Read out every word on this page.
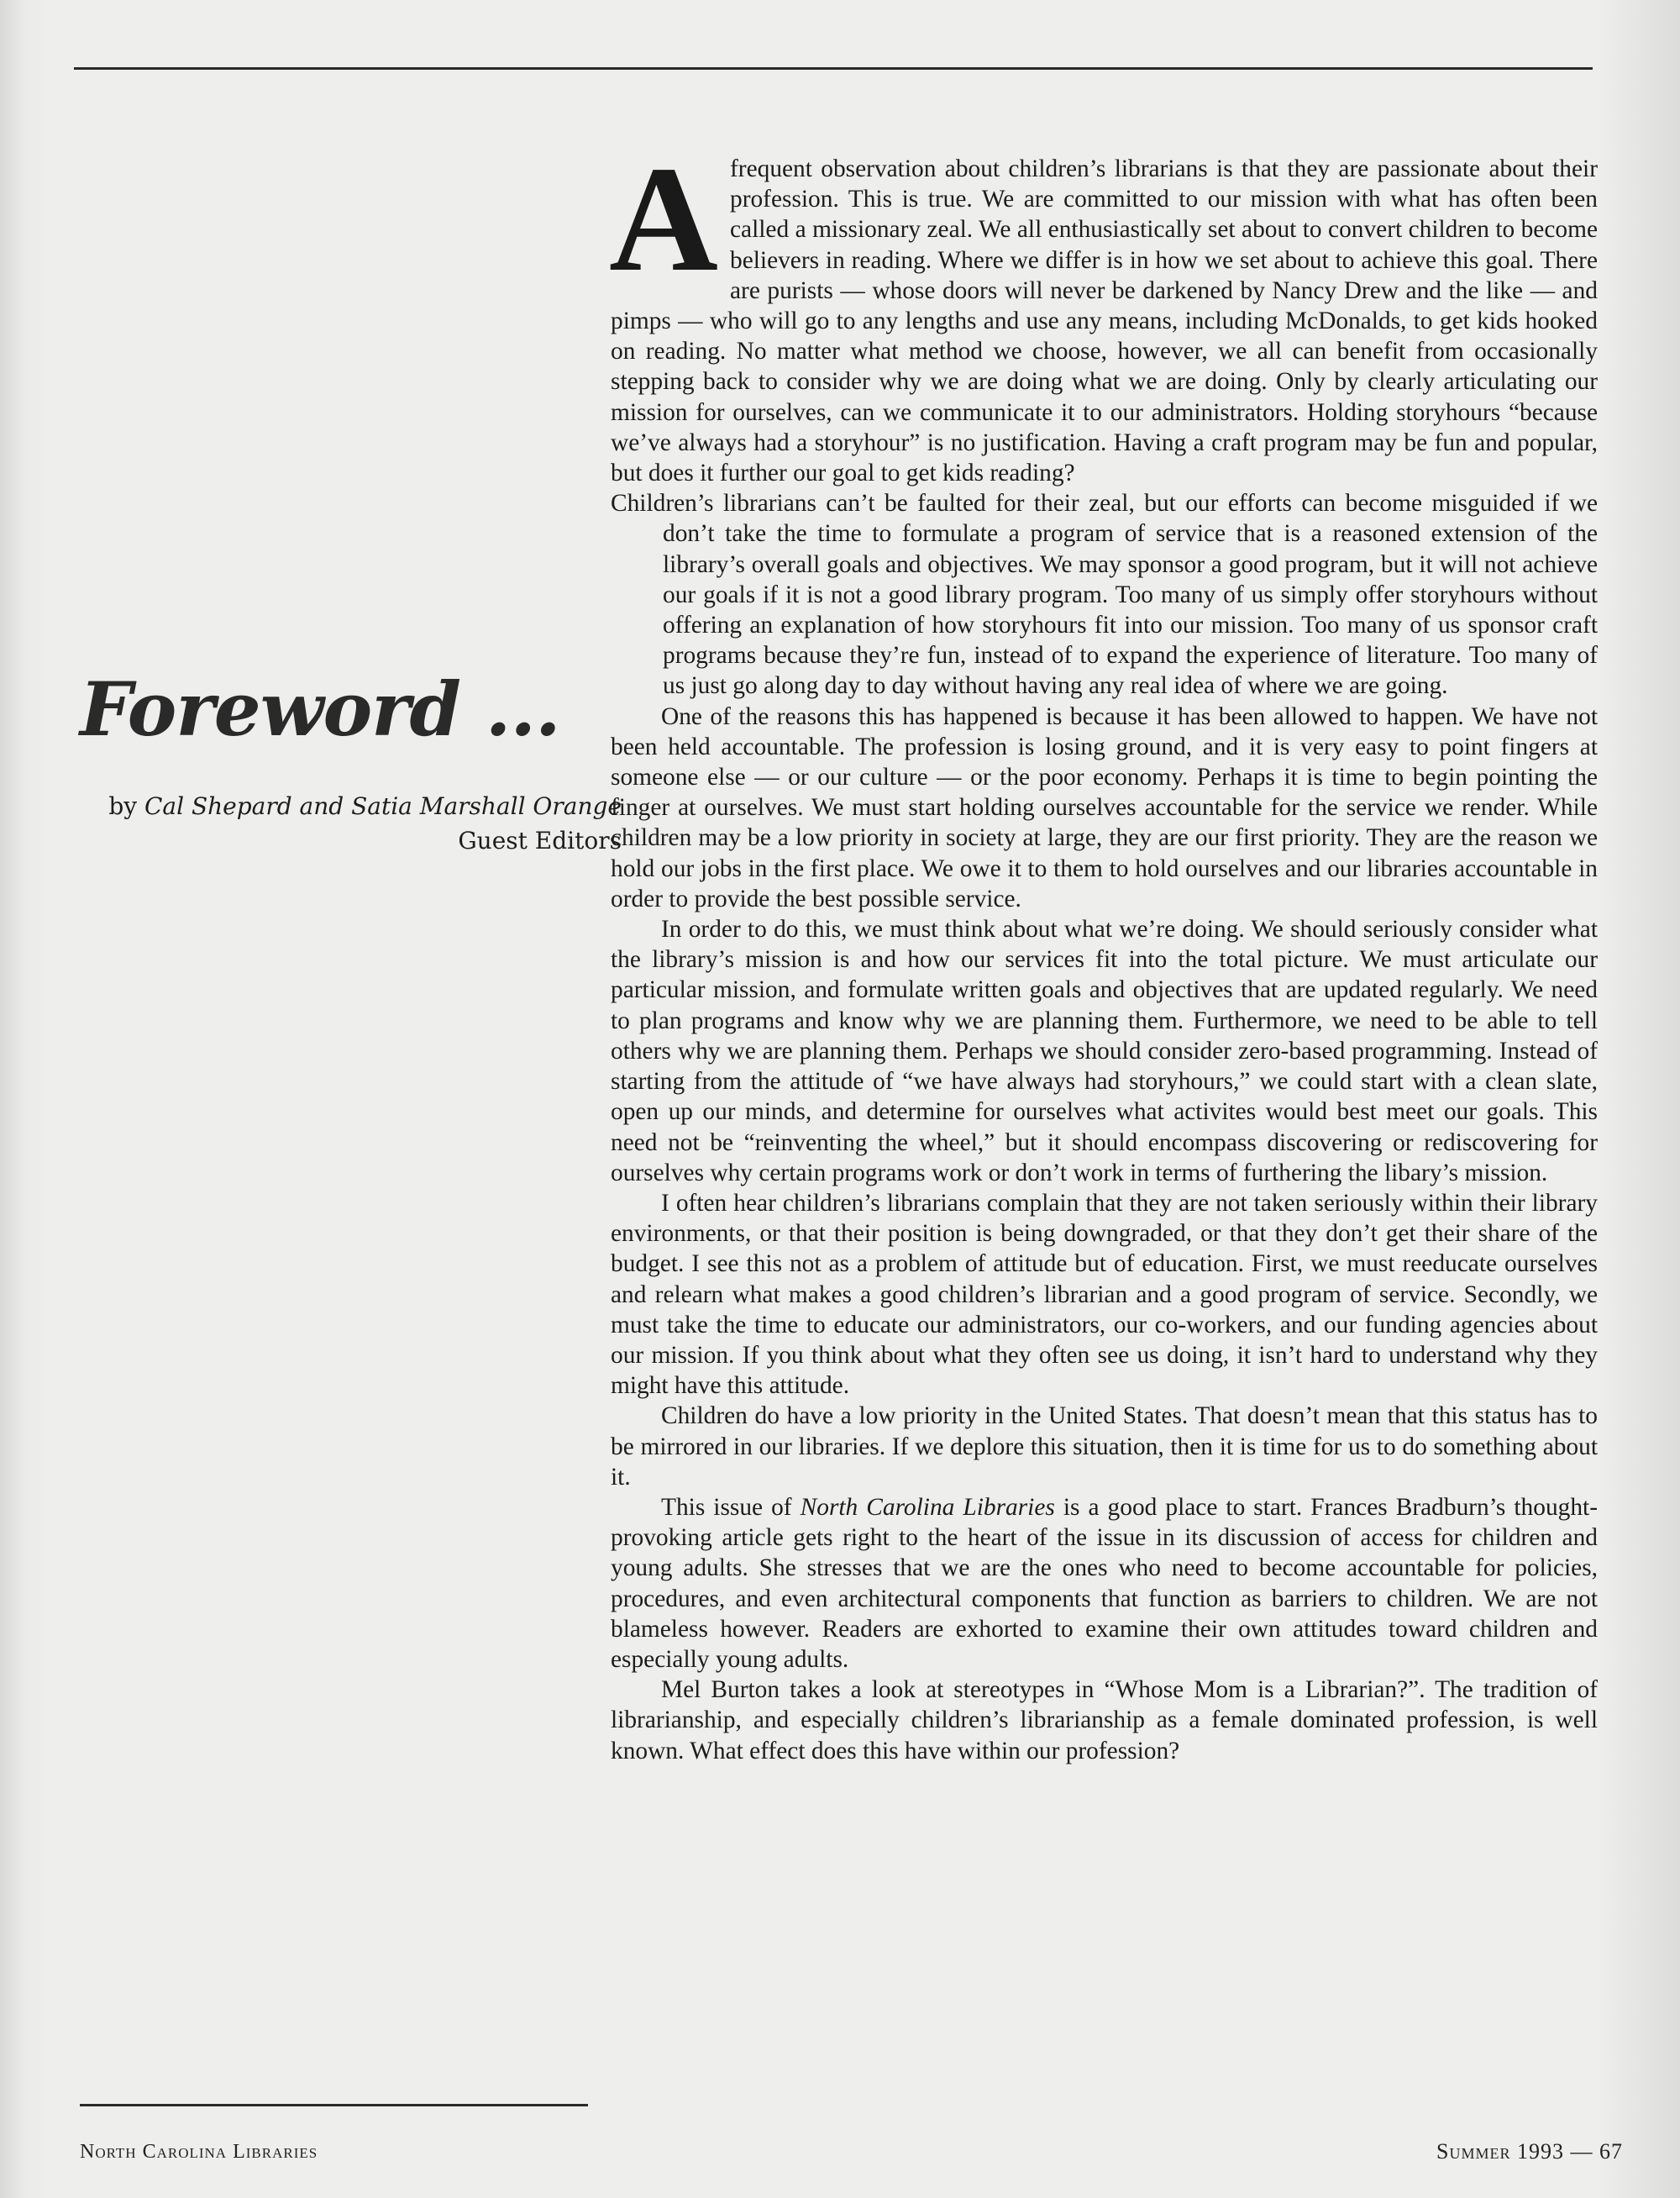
Foreword ...
by Cal Shepard and Satia Marshall Orange
Guest Editors

Afrequent observation about children’s librarians is that they are passionate about their profession. This is true. We are committed to our mission with what has often been called a missionary zeal. We all enthusiastically set about to convert children to become believers in reading. Where we differ is in how we set about to achieve this goal. There are purists — whose doors will never be darkened by Nancy Drew and the like — and pimps — who will go to any lengths and use any means, including McDonalds, to get kids hooked on reading. No matter what method we choose, however, we all can benefit from occasionally stepping back to consider why we are doing what we are doing. Only by clearly articulating our mission for ourselves, can we communicate it to our administrators. Holding storyhours “because we’ve always had a storyhour” is no justification. Having a craft program may be fun and popular, but does it further our goal to get kids reading?

Children’s librarians can’t be faulted for their zeal, but our efforts can become misguided if we don’t take the time to formulate a program of service that is a reasoned extension of the library’s overall goals and objectives. We may sponsor a good program, but it will not achieve our goals if it is not a good library program. Too many of us simply offer storyhours without offering an explanation of how storyhours fit into our mission. Too many of us sponsor craft programs because they’re fun, instead of to expand the experience of literature. Too many of us just go along day to day without having any real idea of where we are going.

One of the reasons this has happened is because it has been allowed to happen. We have not been held accountable. The profession is losing ground, and it is very easy to point fingers at someone else — or our culture — or the poor economy. Perhaps it is time to begin pointing the finger at ourselves. We must start holding ourselves accountable for the service we render. While children may be a low priority in society at large, they are our first priority. They are the reason we hold our jobs in the first place. We owe it to them to hold ourselves and our libraries accountable in order to provide the best possible service.

In order to do this, we must think about what we’re doing. We should seriously consider what the library’s mission is and how our services fit into the total picture. We must articulate our particular mission, and formulate written goals and objectives that are updated regularly. We need to plan programs and know why we are planning them. Furthermore, we need to be able to tell others why we are planning them. Perhaps we should consider zero-based programming. Instead of starting from the attitude of “we have always had storyhours,” we could start with a clean slate, open up our minds, and determine for ourselves what activites would best meet our goals. This need not be “reinventing the wheel,” but it should encompass discovering or rediscovering for ourselves why certain programs work or don’t work in terms of furthering the libary’s mission.

I often hear children’s librarians complain that they are not taken seriously within their library environments, or that their position is being downgraded, or that they don’t get their share of the budget. I see this not as a problem of attitude but of education. First, we must reeducate ourselves and relearn what makes a good children’s librarian and a good program of service. Secondly, we must take the time to educate our administrators, our co-workers, and our funding agencies about our mission. If you think about what they often see us doing, it isn’t hard to understand why they might have this attitude.

Children do have a low priority in the United States. That doesn’t mean that this status has to be mirrored in our libraries. If we deplore this situation, then it is time for us to do something about it.

This issue of North Carolina Libraries is a good place to start. Frances Bradburn’s thought-provoking article gets right to the heart of the issue in its discussion of access for children and young adults. She stresses that we are the ones who need to become accountable for policies, procedures, and even architectural components that function as barriers to children. We are not blameless however. Readers are exhorted to examine their own attitudes toward children and especially young adults.

Mel Burton takes a look at stereotypes in “Whose Mom is a Librarian?”. The tradition of librarianship, and especially children’s librarianship as a female dominated profession, is well known. What effect does this have within our profession?

North Carolina Libraries	Summer 1993 — 67
